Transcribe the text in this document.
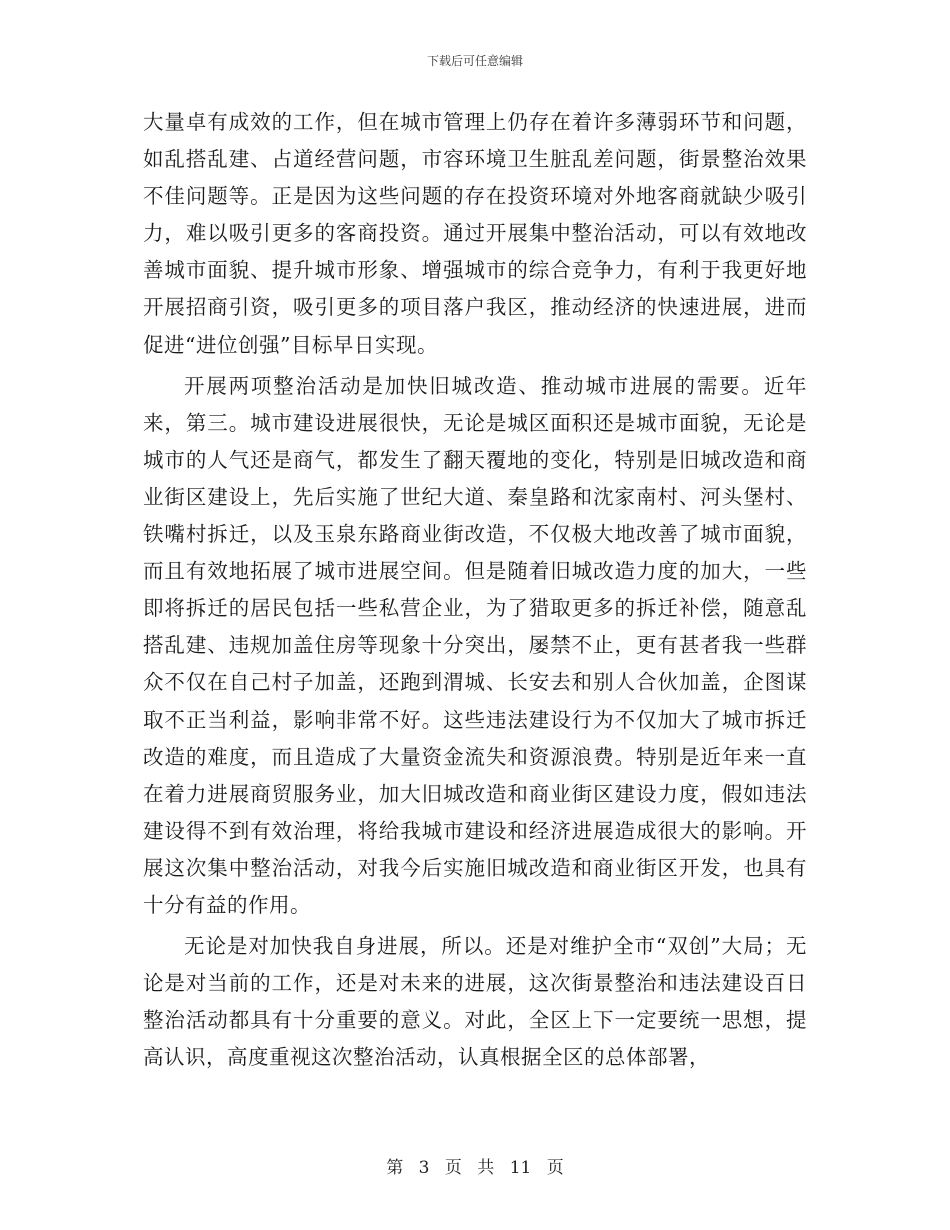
下载后可任意编辑

大量卓有成效的工作，但在城市管理上仍存在着许多薄弱环节和问题，如乱搭乱建、占道经营问题，市容环境卫生脏乱差问题，街景整治效果不佳问题等。正是因为这些问题的存在投资环境对外地客商就缺少吸引力，难以吸引更多的客商投资。通过开展集中整治活动，可以有效地改善城市面貌、提升城市形象、增强城市的综合竞争力，有利于我更好地开展招商引资，吸引更多的项目落户我区，推动经济的快速进展，进而促进“进位创强”目标早日实现。

开展两项整治活动是加快旧城改造、推动城市进展的需要。近年来，第三。城市建设进展很快，无论是城区面积还是城市面貌，无论是城市的人气还是商气，都发生了翻天覆地的变化，特别是旧城改造和商业街区建设上，先后实施了世纪大道、秦皇路和沈家南村、河头堡村、铁嘴村拆迁，以及玉泉东路商业街改造，不仅极大地改善了城市面貌，而且有效地拓展了城市进展空间。但是随着旧城改造力度的加大，一些即将拆迁的居民包括一些私营企业，为了猎取更多的拆迁补偿，随意乱搭乱建、违规加盖住房等现象十分突出，屡禁不止，更有甚者我一些群众不仅在自己村子加盖，还跑到渭城、长安去和别人合伙加盖，企图谋取不正当利益，影响非常不好。这些违法建设行为不仅加大了城市拆迁改造的难度，而且造成了大量资金流失和资源浪费。特别是近年来一直在着力进展商贸服务业，加大旧城改造和商业街区建设力度，假如违法建设得不到有效治理，将给我城市建设和经济进展造成很大的影响。开展这次集中整治活动，对我今后实施旧城改造和商业街区开发，也具有十分有益的作用。

无论是对加快我自身进展，所以。还是对维护全市“双创”大局；无论是对当前的工作，还是对未来的进展，这次街景整治和违法建设百日整治活动都具有十分重要的意义。对此，全区上下一定要统一思想，提高认识，高度重视这次整治活动，认真根据全区的总体部署，

第 3 页 共 11 页
